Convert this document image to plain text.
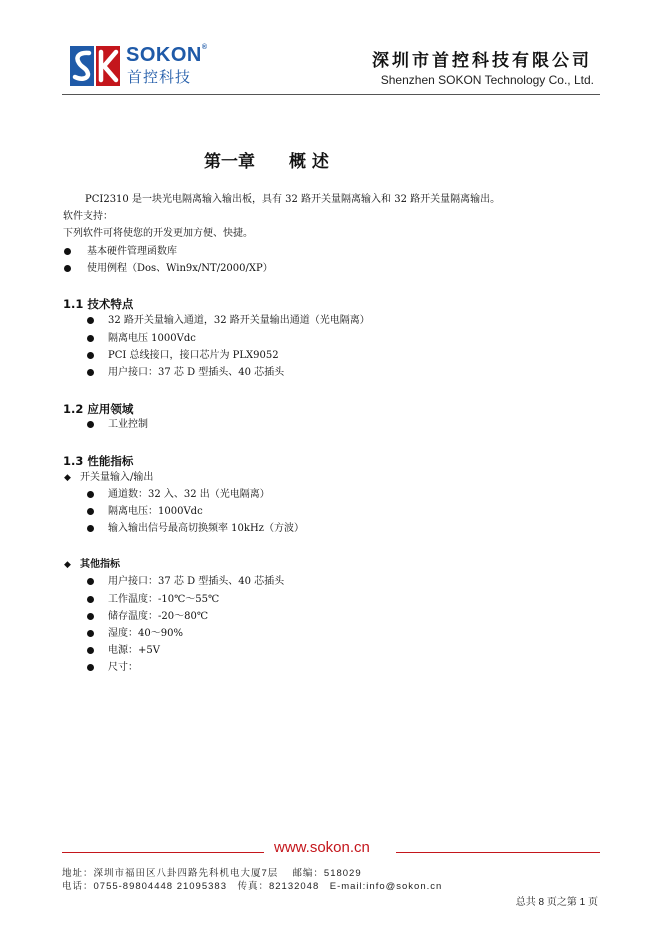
SOKON®
首控科技
深圳市首控科技有限公司
Shenzhen SOKON Technology Co., Ltd.
第一章　　概 述
PCI2310 是一块光电隔离输入输出板，具有 32 路开关量隔离输入和 32 路开关量隔离输出。
软件支持：
下列软件可将使您的开发更加方便、快捷。
基本硬件管理函数库
使用例程（Dos、Win9x/NT/2000/XP）
1.1 技术特点
32 路开关量输入通道，32 路开关量输出通道（光电隔离）
隔离电压 1000Vdc
PCI 总线接口，接口芯片为 PLX9052
用户接口：37 芯 D 型插头、40 芯插头
1.2 应用领域
工业控制
1.3 性能指标
◆ 开关量输入/输出
通道数：32 入、32 出（光电隔离）
隔离电压：1000Vdc
输入输出信号最高切换频率 10kHz（方波）
◆ 其他指标
用户接口：37 芯 D 型插头、40 芯插头
工作温度：-10℃～55℃
储存温度：-20～80℃
湿度：40～90%
电源：+5V
尺寸：
www.sokon.cn
地址：深圳市福田区八卦四路先科机电大厦7层　 邮编：518029
电话：0755-89804448 21095383　传真：82132048　E-mail:info@sokon.cn
总共 8 页之第 1 页
